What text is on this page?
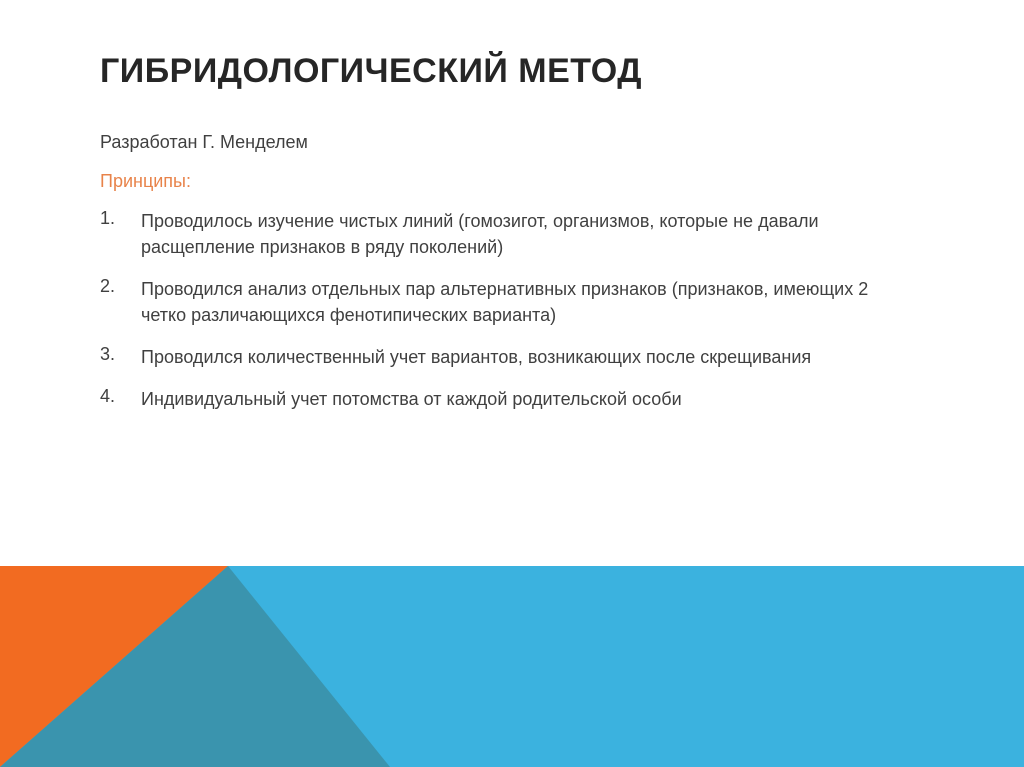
ГИБРИДОЛОГИЧЕСКИЙ МЕТОД
Разработан Г. Менделем
Принципы:
1. Проводилось изучение чистых линий (гомозигот, организмов, которые не давали расщепление признаков в ряду поколений)
2. Проводился анализ отдельных пар альтернативных признаков (признаков, имеющих 2 четко различающихся фенотипических варианта)
3. Проводился количественный учет вариантов, возникающих после скрещивания
4. Индивидуальный учет потомства от каждой родительской особи
